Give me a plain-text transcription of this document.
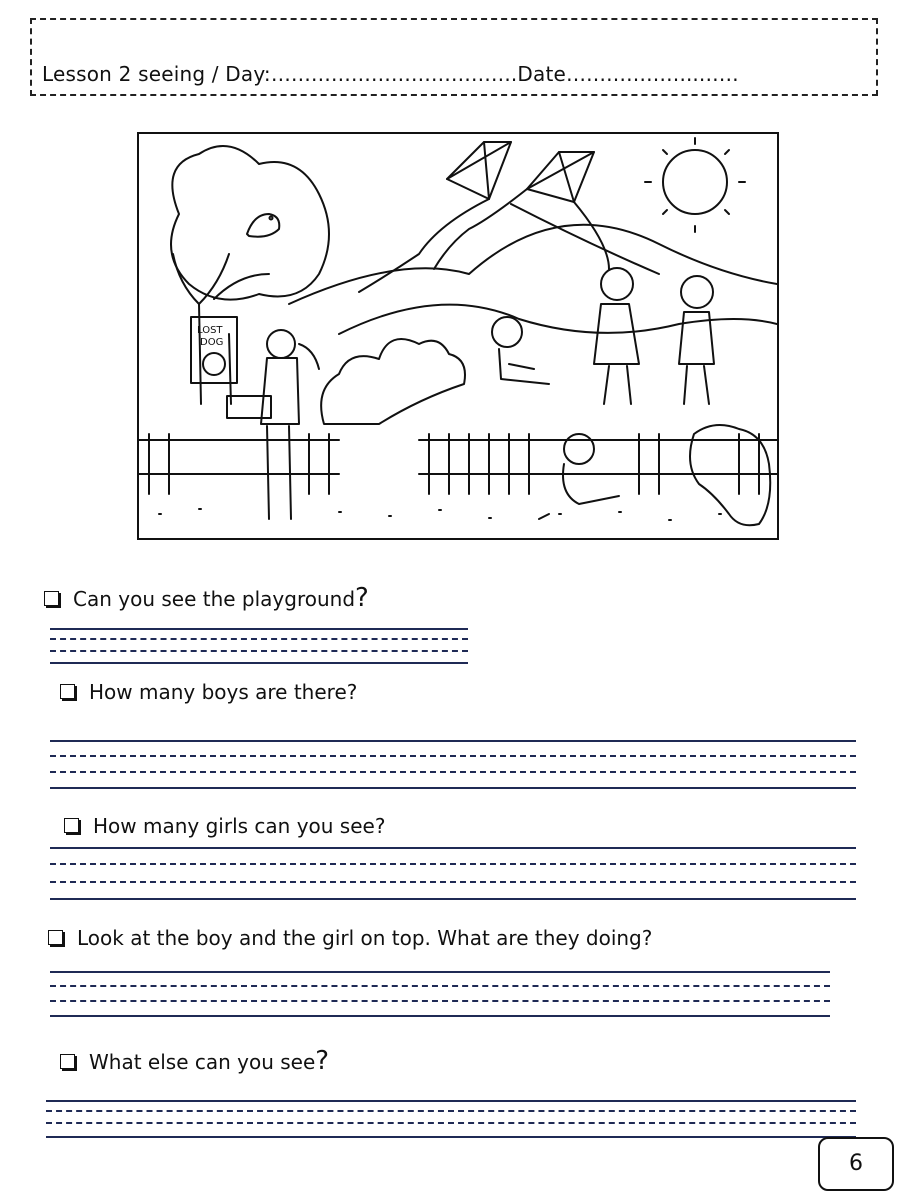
Lesson 2 seeing / Day:……………………………….Date………………..……
LOST
DOG
Can you see the playground?
How many boys are there?
How many girls can you see?
Look at the boy and the girl on top. What are they doing?
What else can you see?
6
